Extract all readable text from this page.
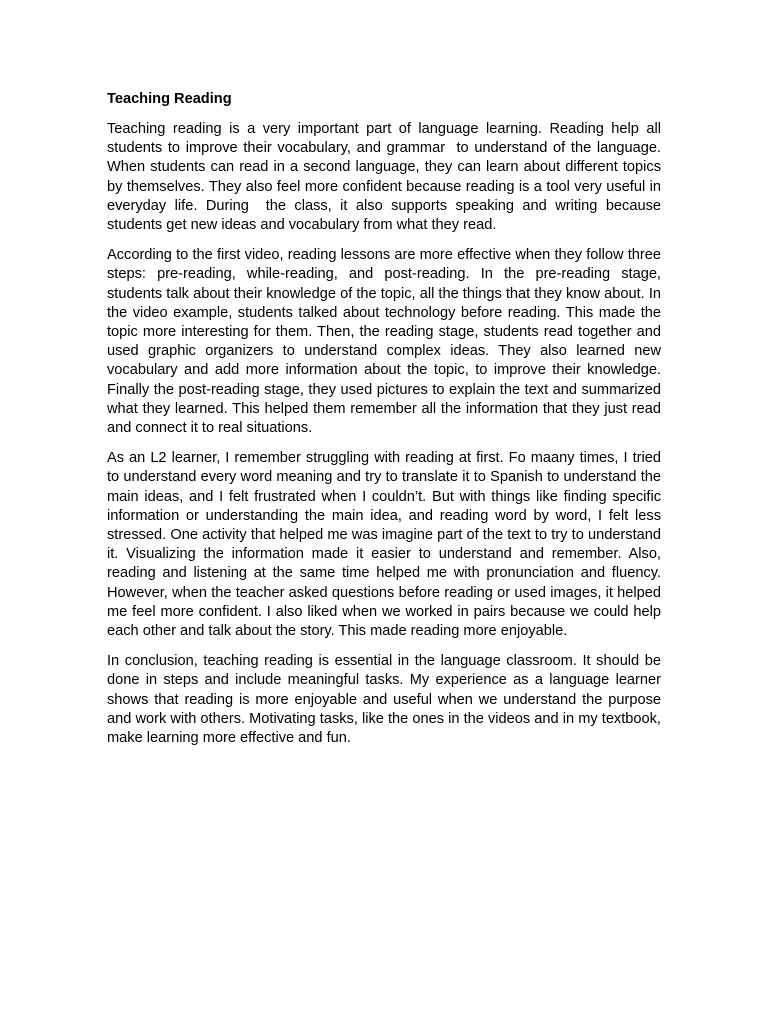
Teaching Reading

Teaching reading is a very important part of language learning. Reading help all students to improve their vocabulary, and grammar  to understand of the language. When students can read in a second language, they can learn about different topics by themselves. They also feel more confident because reading is a tool very useful in everyday life. During  the class, it also supports speaking and writing because students get new ideas and vocabulary from what they read.

According to the first video, reading lessons are more effective when they follow three steps: pre-reading, while-reading, and post-reading. In the pre-reading stage, students talk about their knowledge of the topic, all the things that they know about. In the video example, students talked about technology before reading. This made the topic more interesting for them. Then, the reading stage, students read together and used graphic organizers to understand complex ideas. They also learned new vocabulary and add more information about the topic, to improve their knowledge. Finally the post-reading stage, they used pictures to explain the text and summarized what they learned. This helped them remember all the information that they just read and connect it to real situations.

As an L2 learner, I remember struggling with reading at first. Fo maany times, I tried to understand every word meaning and try to translate it to Spanish to understand the main ideas, and I felt frustrated when I couldn’t. But with things like finding specific information or understanding the main idea, and reading word by word, I felt less stressed. One activity that helped me was imagine part of the text to try to understand it. Visualizing the information made it easier to understand and remember. Also, reading and listening at the same time helped me with pronunciation and fluency. However, when the teacher asked questions before reading or used images, it helped me feel more confident. I also liked when we worked in pairs because we could help each other and talk about the story. This made reading more enjoyable.

In conclusion, teaching reading is essential in the language classroom. It should be done in steps and include meaningful tasks. My experience as a language learner shows that reading is more enjoyable and useful when we understand the purpose and work with others. Motivating tasks, like the ones in the videos and in my textbook, make learning more effective and fun.
